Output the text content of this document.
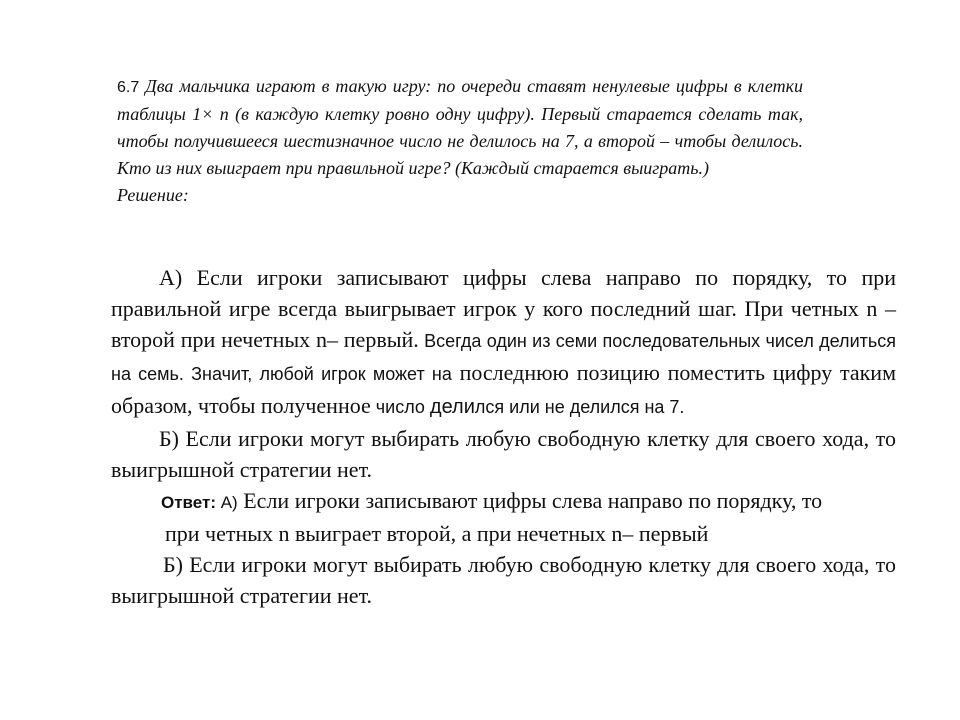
6.7 Два мальчика играют в такую игру: по очереди ставят ненулевые цифры в клетки таблицы 1× n (в каждую клетку ровно одну цифру). Первый старается сделать так, чтобы получившееся шестизначное число не делилось на 7, а второй – чтобы делилось. Кто из них выиграет при правильной игре? (Каждый старается выиграть.)
Решение:

А) Если игроки записывают цифры слева направо по порядку, то при правильной игре всегда выигрывает игрок у кого последний шаг. При четных n –второй при нечетных n– первый. Всегда один из семи последовательных чисел делиться на семь. Значит, любой игрок может на последнюю позицию поместить цифру таким образом, чтобы полученное число делился или не делился на 7.

Б) Если игроки могут выбирать любую свободную клетку для своего хода, то выигрышной стратегии нет.

Ответ: А) Если игроки записывают цифры слева направо по порядку, то

при четных n выиграет второй, а при нечетных n– первый

Б) Если игроки могут выбирать любую свободную клетку для своего хода, то выигрышной стратегии нет.
